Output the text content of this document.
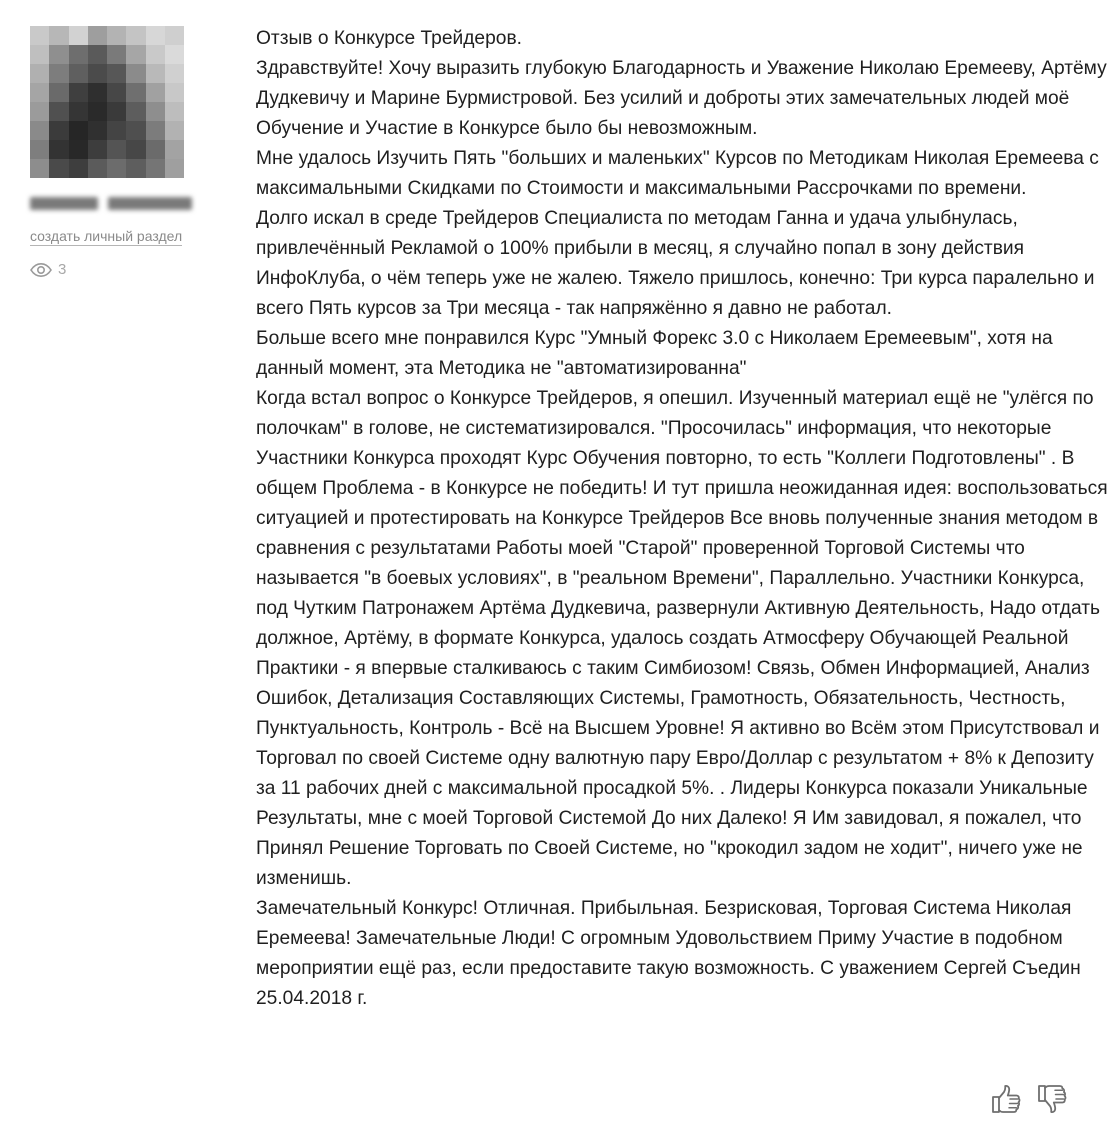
создать личный раздел
3

Отзыв о Конкурсе Трейдеров.

Здравствуйте! Хочу выразить глубокую Благодарность и Уважение Николаю Еремееву, Артёму Дудкевичу и Марине Бурмистровой. Без усилий и доброты этих замечательных людей моё Обучение и Участие в Конкурсе было бы невозможным.

Мне удалось Изучить Пять "больших и маленьких" Курсов по Методикам Николая Еремеева с максимальными Скидками по Стоимости и максимальными Рассрочками по времени.

Долго искал в среде Трейдеров Специалиста по методам Ганна и удача улыбнулась, привлечённый Рекламой о 100% прибыли в месяц, я случайно попал в зону действия ИнфоКлуба, о чём теперь уже не жалею. Тяжело пришлось, конечно: Три курса паралельно и всего Пять курсов за Три месяца - так напряжённо я давно не работал.

Больше всего мне понравился Курс "Умный Форекс 3.0 с Николаем Еремеевым", хотя на данный момент, эта Методика не "автоматизированна"

Когда встал вопрос о Конкурсе Трейдеров, я опешил. Изученный материал ещё не "улёгся по полочкам" в голове, не систематизировался. "Просочилась" информация, что некоторые Участники Конкурса проходят Курс Обучения повторно, то есть "Коллеги Подготовлены" . В общем Проблема - в Конкурсе не победить! И тут пришла неожиданная идея: воспользоваться ситуацией и протестировать на Конкурсе Трейдеров Все вновь полученные знания методом в сравнения с результатами Работы моей "Старой" проверенной Торговой Системы что называется "в боевых условиях", в "реальном Времени", Параллельно. Участники Конкурса, под Чутким Патронажем Артёма Дудкевича, развернули Активную Деятельность, Надо отдать должное, Артёму, в формате Конкурса, удалось создать Атмосферу Обучающей Реальной Практики - я впервые сталкиваюсь с таким Симбиозом! Связь, Обмен Информацией, Анализ Ошибок, Детализация Составляющих Системы, Грамотность, Обязательность, Честность, Пунктуальность, Контроль - Всё на Высшем Уровне! Я активно во Всём этом Присутствовал и Торговал по своей Системе одну валютную пару Евро/Доллар с результатом + 8% к Депозиту за 11 рабочих дней с максимальной просадкой 5%. . Лидеры Конкурса показали Уникальные Результаты, мне с моей Торговой Системой До них Далеко! Я Им завидовал, я пожалел, что Принял Решение Торговать по Своей Системе, но "крокодил задом не ходит", ничего уже не изменишь.

Замечательный Конкурс! Отличная. Прибыльная. Безрисковая, Торговая Система Николая Еремеева! Замечательные Люди! С огромным Удовольствием Приму Участие в подобном мероприятии ещё раз, если предоставите такую возможность. С уважением Сергей Съедин 25.04.2018 г.
